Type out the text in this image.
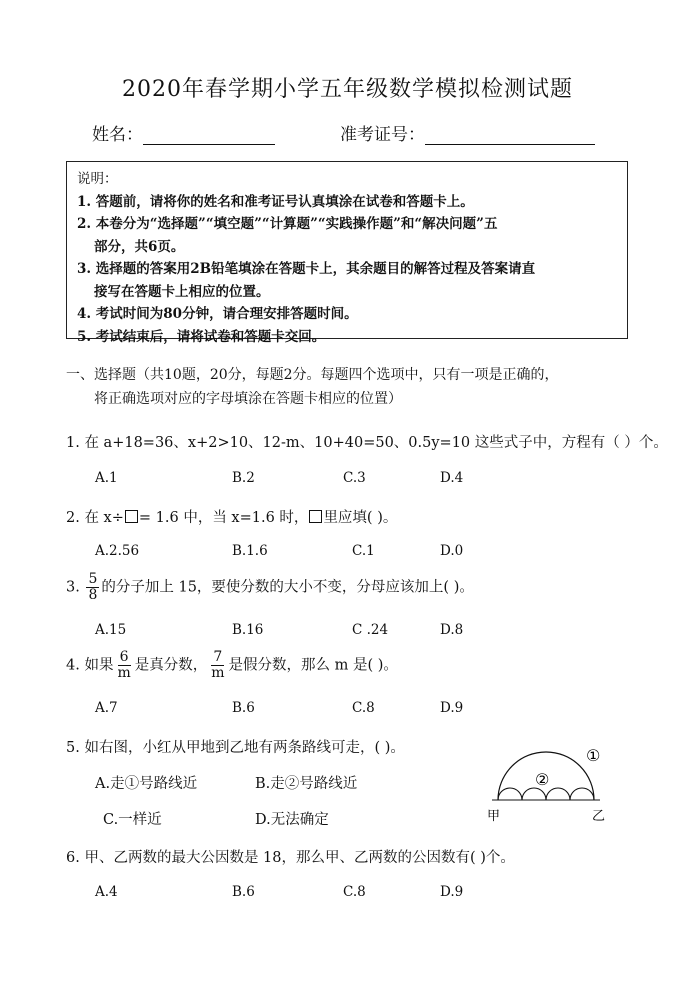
2020年春学期小学五年级数学模拟检测试题
姓名：	准考证号：
说明：
1. 答题前，请将你的姓名和准考证号认真填涂在试卷和答题卡上。
2. 本卷分为“选择题”“填空题”“计算题”“实践操作题”和“解决问题”五
部分，共6页。
3. 选择题的答案用2B铅笔填涂在答题卡上，其余题目的解答过程及答案请直
接写在答题卡上相应的位置。
4. 考试时间为80分钟，请合理安排答题时间。
5. 考试结束后，请将试卷和答题卡交回。
一、选择题（共10题，20分，每题2分。每题四个选项中，只有一项是正确的，
将正确选项对应的字母填涂在答题卡相应的位置）
1. 在 a+18=36、x+2>10、12-m、10+40=50、0.5y=10 这些式子中，方程有（ ）个。
A.1	B.2	C.3	D.4
2. 在 x÷ = 1.6 中，当 x=1.6 时， 里应填( )。
A.2.56	B.1.6	C.1	D.0
3. $\frac{5}{8}$ 的分子加上 15，要使分数的大小不变，分母应该加上( )。
A.15	B.16	C .24	D.8
4. 如果 $\frac{6}{m}$ 是真分数， $\frac{7}{m}$ 是假分数，那么 m 是( )。
A.7	B.6	C.8	D.9
5. 如右图，小红从甲地到乙地有两条路线可走，( )。
A.走①号路线近	B.走②号路线近
C.一样近	D.无法确定
①
②
甲	乙
6. 甲、乙两数的最大公因数是 18，那么甲、乙两数的公因数有( )个。
A.4	B.6	C.8	D.9
